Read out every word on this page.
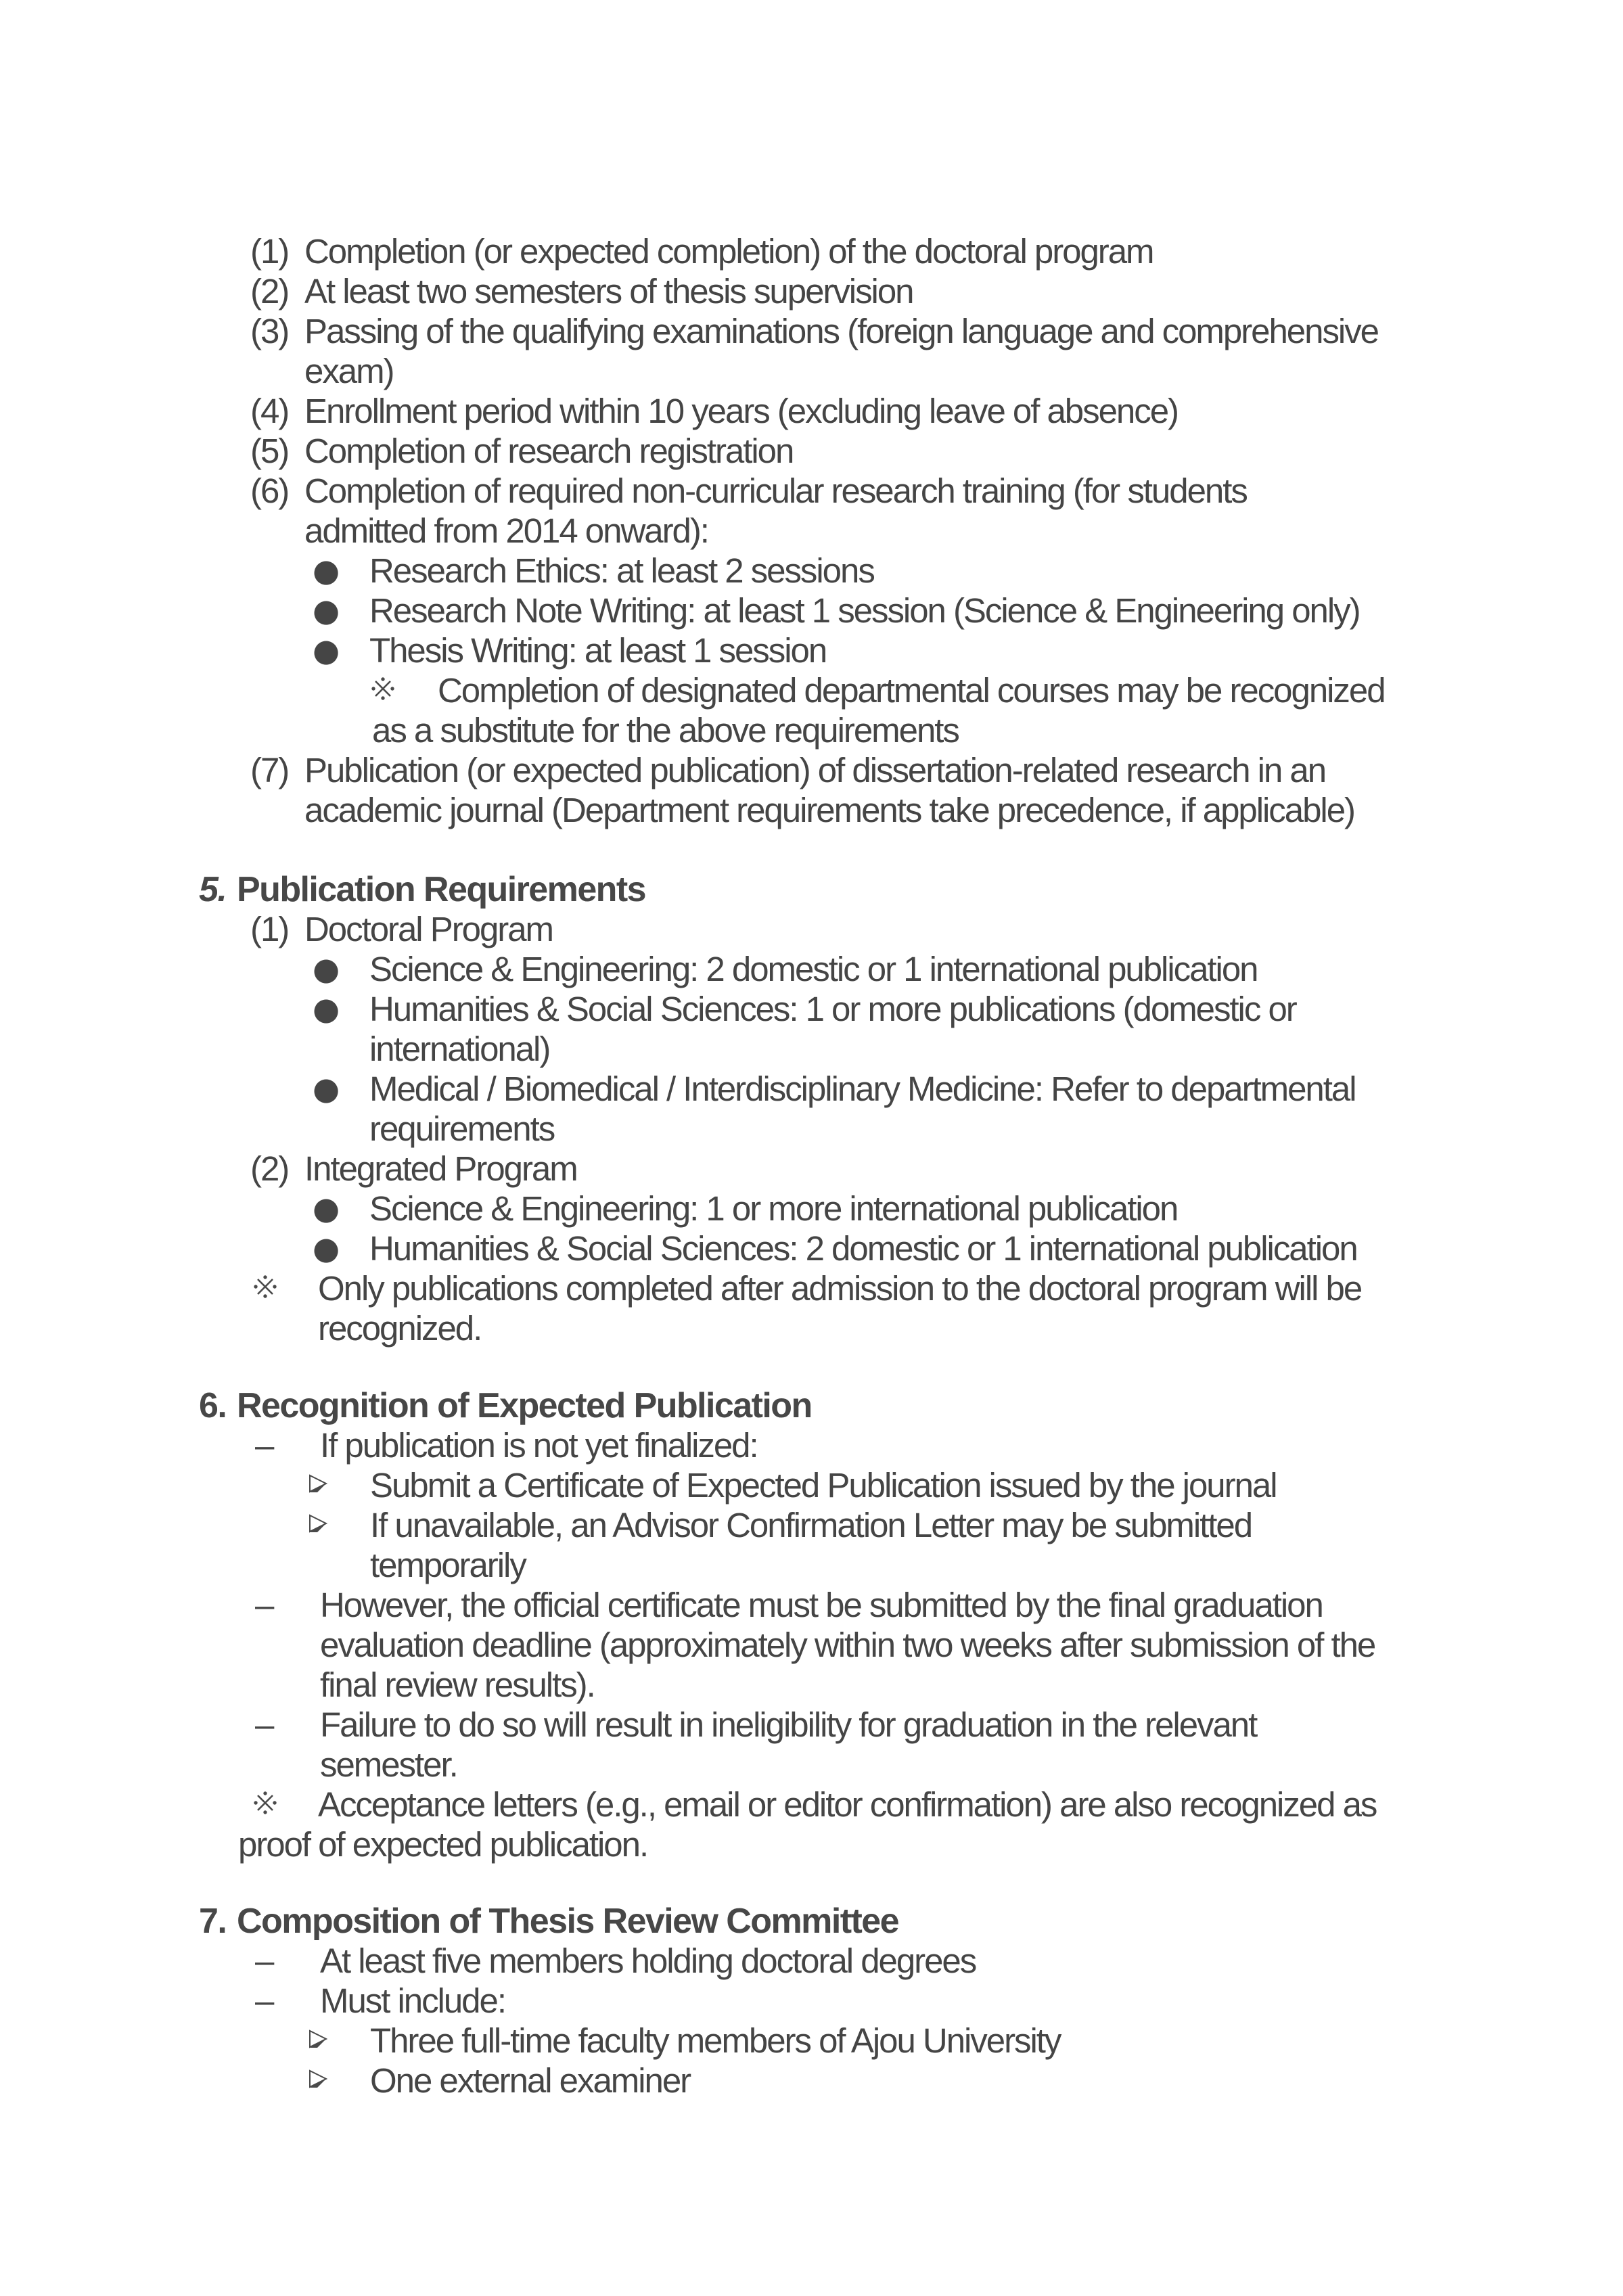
(1) Completion (or expected completion) of the doctoral program
(2) At least two semesters of thesis supervision
(3) Passing of the qualifying examinations (foreign language and comprehensive
exam)
(4) Enrollment period within 10 years (excluding leave of absence)
(5) Completion of research registration
(6) Completion of required non-curricular research training (for students
admitted from 2014 onward):
● Research Ethics: at least 2 sessions
● Research Note Writing: at least 1 session (Science & Engineering only)
● Thesis Writing: at least 1 session
Completion of designated departmental courses may be recognized
as a substitute for the above requirements
(7) Publication (or expected publication) of dissertation-related research in an
academic journal (Department requirements take precedence, if applicable)
5. Publication Requirements
(1) Doctoral Program
● Science & Engineering: 2 domestic or 1 international publication
● Humanities & Social Sciences: 1 or more publications (domestic or
international)
● Medical / Biomedical / Interdisciplinary Medicine: Refer to departmental
requirements
(2) Integrated Program
● Science & Engineering: 1 or more international publication
● Humanities & Social Sciences: 2 domestic or 1 international publication
Only publications completed after admission to the doctoral program will be
recognized.
6. Recognition of Expected Publication
– If publication is not yet finalized:
Submit a Certificate of Expected Publication issued by the journal
If unavailable, an Advisor Confirmation Letter may be submitted
temporarily
– However, the official certificate must be submitted by the final graduation
evaluation deadline (approximately within two weeks after submission of the
final review results).
– Failure to do so will result in ineligibility for graduation in the relevant
semester.
Acceptance letters (e.g., email or editor confirmation) are also recognized as
proof of expected publication.
7. Composition of Thesis Review Committee
– At least five members holding doctoral degrees
– Must include:
Three full-time faculty members of Ajou University
One external examiner
